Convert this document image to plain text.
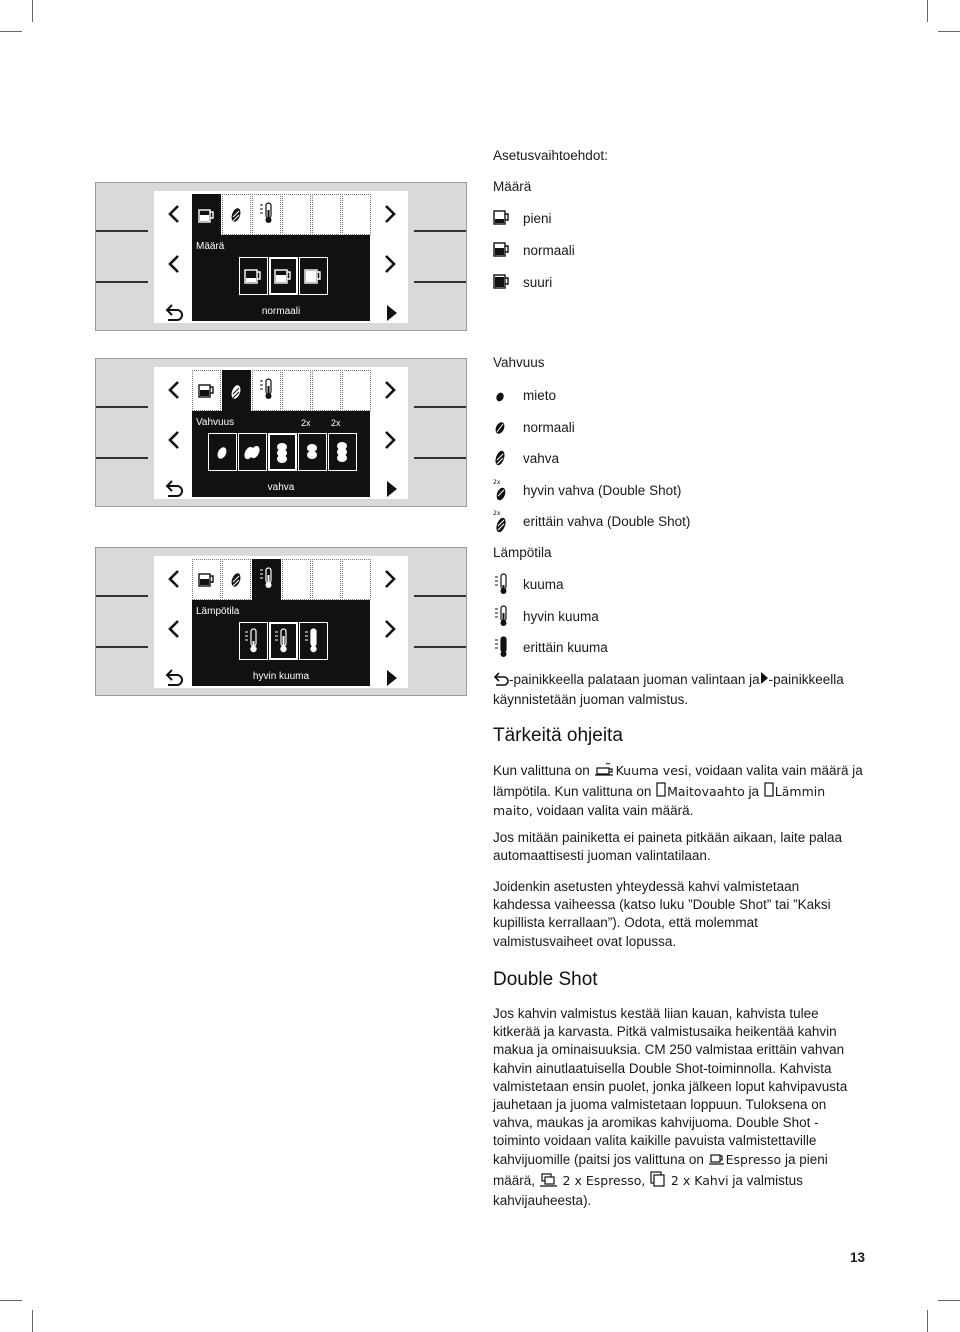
Asetusvaihtoehdot:
Määrä
pieni
normaali
suuri
Vahvuus
mieto
normaali
vahva
2x hyvin vahva (Double Shot)
2x erittäin vahva (Double Shot)
Lämpötila
kuuma
hyvin kuuma
erittäin kuuma
-painikkeella palataan juoman valintaan ja -painikkeella käynnistetään juoman valmistus.
Tärkeitä ohjeita
Kun valittuna on Kuuma vesi, voidaan valita vain määrä ja lämpötila. Kun valittuna on Maitovaahto ja Lämmin maito, voidaan valita vain määrä.
Jos mitään painiketta ei paineta pitkään aikaan, laite palaa automaattisesti juoman valintatilaan.
Joidenkin asetusten yhteydessä kahvi valmistetaan kahdessa vaiheessa (katso luku ”Double Shot” tai ”Kaksi kupillista kerrallaan”). Odota, että molemmat valmistusvaiheet ovat lopussa.
Double Shot
Jos kahvin valmistus kestää liian kauan, kahvista tulee kitkerää ja karvasta. Pitkä valmistusaika heikentää kahvin makua ja ominaisuuksia. CM 250 valmistaa erittäin vahvan kahvin ainutlaatuisella Double Shot-toiminnolla. Kahvista valmistetaan ensin puolet, jonka jälkeen loput kahvipavusta jauhetaan ja juoma valmistetaan loppuun. Tuloksena on vahva, maukas ja aromikas kahvijuoma. Double Shot -toiminto voidaan valita kaikille pavuista valmistettaville kahvijuomille (paitsi jos valittuna on Espresso ja pieni määrä,  2 x Espresso, 2 x Kahvi ja valmistus kahvijauheesta).
13
Määrä
normaali
Vahvuus	2x 2x
vahva
Lämpötila
hyvin kuuma
